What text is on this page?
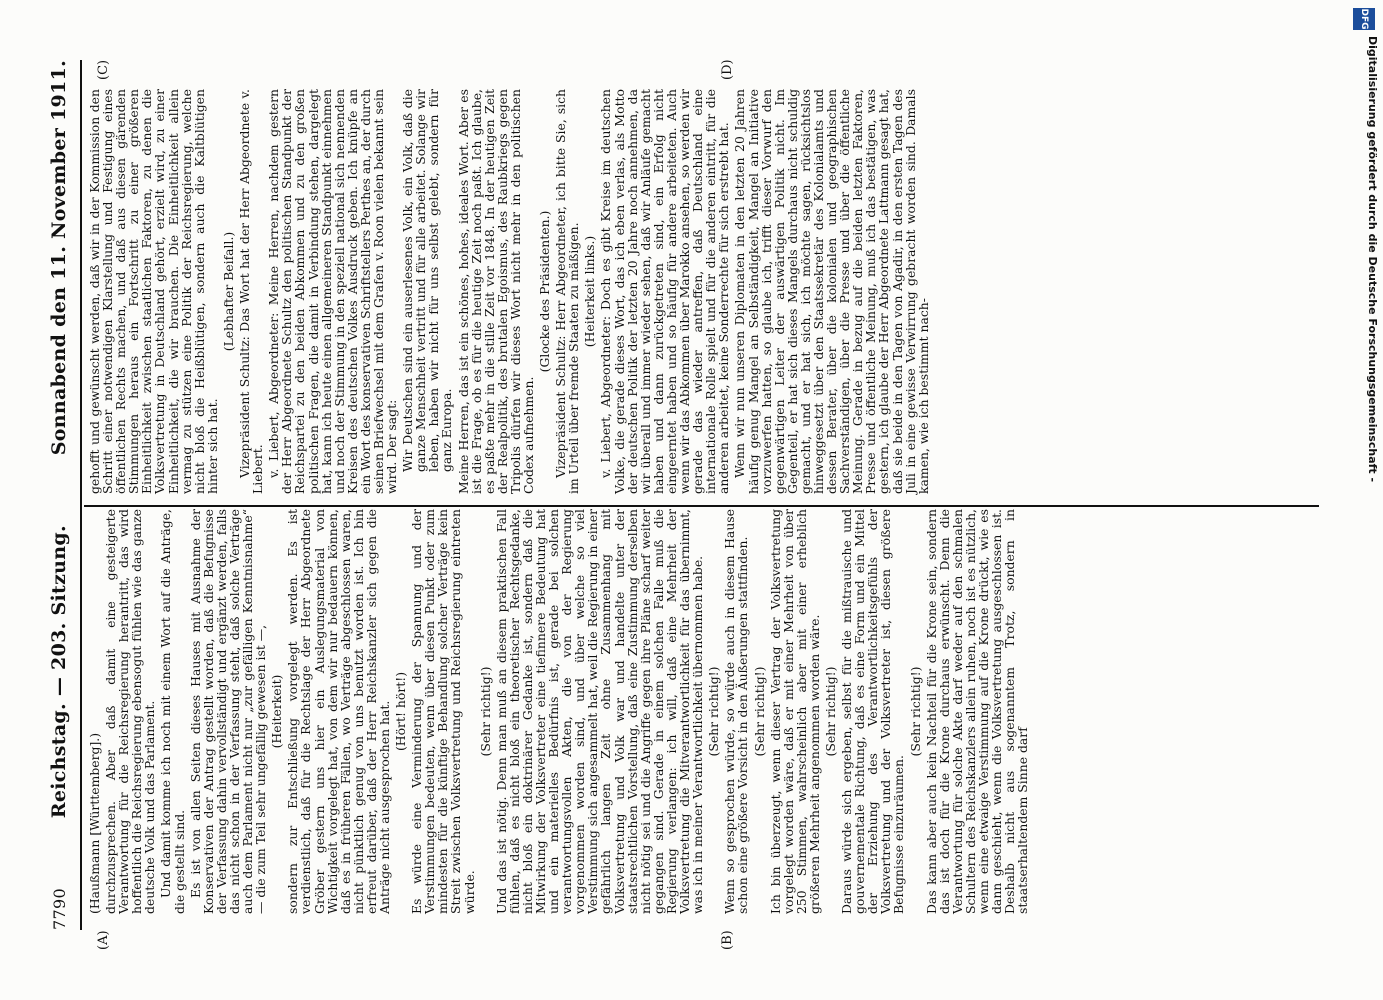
7790
Reichstag. — 203. Sitzung.
Sonnabend den 11. November 1911.
(A)	(B)
(C)	(D)

(Haußmann [Württemberg].) durchzusprechen. Aber daß damit eine gesteigerte Verantwortung für die Reichsregierung herantritt, das wird hoffentlich die Reichsregierung ebensogut fühlen wie das ganze deutsche Volk und das Parlament. Und damit komme ich noch mit einem Wort auf die Anträge, die gestellt sind. Es ist von allen Seiten dieses Hauses mit Ausnahme der Konservativen der Antrag gestellt worden, daß die Befugnisse der Verfassung dahin vervollständigt und ergänzt werden, falls das nicht schon in der Verfassung steht, daß solche Verträge auch dem Parlament nicht nur „zur gefälligen Kenntnisnahme“ — die zum Teil sehr ungefällig gewesen ist —, (Heiterkeit) sondern zur Entschließung vorgelegt werden. Es ist verdienstlich, daß für die Rechtslage der Herr Abgeordnete Gröber gestern uns hier ein Auslegungsmaterial von Wichtigkeit vorgelegt hat, von dem wir nur bedauern können, daß es in früheren Fällen, wo Verträge abgeschlossen waren, nicht pünktlich genug von uns benutzt worden ist. Ich bin erfreut darüber, daß der Herr Reichskanzler sich gegen die Anträge nicht ausgesprochen hat. (Hört! hört!) Es würde eine Verminderung der Spannung und der Verstimmungen bedeuten, wenn über diesen Punkt oder zum mindesten für die künftige Behandlung solcher Verträge kein Streit zwischen Volksvertretung und Reichsregierung eintreten würde.

(Sehr richtig!) Und das ist nötig. Denn man muß an diesem praktischen Fall fühlen, daß es nicht bloß ein theoretischer Rechtsgedanke, nicht bloß ein doktrinärer Gedanke ist, sondern daß die Mitwirkung der Volksvertreter eine tiefinnere Bedeutung hat und ein materielles Bedürfnis ist, gerade bei solchen verantwortungsvollen Akten, die von der Regierung vorgenommen worden sind, und über welche so viel Verstimmung sich angesammelt hat, weil die Regierung in einer gefährlich langen Zeit ohne Zusammenhang mit Volksvertretung und Volk war und handelte unter der staatsrechtlichen Vorstellung, daß eine Zustimmung derselben nicht nötig sei und die Angriffe gegen ihre Pläne scharf weiter gegangen sind. Gerade in einem solchen Falle muß die Regierung verlangen: ich will, daß eine Mehrheit der Volksvertretung die Mitverantwortlichkeit für das übernimmt, was ich in meiner Verantwortlichkeit übernommen habe. (Sehr richtig!) Wenn so gesprochen würde, so würde auch in diesem Hause schon eine größere Vorsicht in den Äußerungen stattfinden. (Sehr richtig!) Ich bin überzeugt, wenn dieser Vertrag der Volksvertretung vorgelegt worden wäre, daß er mit einer Mehrheit von über 250 Stimmen, wahrscheinlich aber mit einer erheblich größeren Mehrheit angenommen worden wäre. (Sehr richtig!) Daraus würde sich ergeben, selbst für die mißtrauische und gouvernementale Richtung, daß es eine Form und ein Mittel der Erziehung des Verantwortlichkeitsgefühls der Volksvertretung und der Volksvertreter ist, diesen größere Befugnisse einzuräumen.

(Sehr richtig!) Das kann aber auch kein Nachteil für die Krone sein, sondern das ist doch für die Krone durchaus erwünscht. Denn die Verantwortung für solche Akte darf weder auf den schmalen Schultern des Reichskanzlers allein ruhen, noch ist es nützlich, wenn eine etwaige Verstimmung auf die Krone drückt, wie es dann geschieht, wenn die Volksvertretung ausgeschlossen ist. Deshalb nicht aus sogenanntem Trotz, sondern in staatserhaltendem Sinne darf

gehofft und gewünscht werden, daß wir in der Kommission den Schritt einer notwendigen Klarstellung und Festigung eines öffentlichen Rechts machen, und daß aus diesen gärenden Stimmungen heraus ein Fortschritt zu einer größeren Einheitlichkeit zwischen staatlichen Faktoren, zu denen die Volksvertretung in Deutschland gehört, erzielt wird, zu einer Einheitlichkeit, die wir brauchen. Die Einheitlichkeit allein vermag zu stützen eine Politik der Reichsregierung, welche nicht bloß die Heißblütigen, sondern auch die Kaltblütigen hinter sich hat.

(Lebhafter Beifall.) Vizepräsident Schultz: Das Wort hat der Herr Abgeordnete v. Liebert. v. Liebert, Abgeordneter: Meine Herren, nachdem gestern der Herr Abgeordnete Schultz den politischen Standpunkt der Reichspartei zu den beiden Abkommen und zu den großen politischen Fragen, die damit in Verbindung stehen, dargelegt hat, kann ich heute einen allgemeineren Standpunkt einnehmen und noch der Stimmung in den speziell national sich nennenden Kreisen des deutschen Volkes Ausdruck geben. Ich knüpfe an ein Wort des konservativen Schriftstellers Perthes an, der durch seinen Briefwechsel mit dem Grafen v. Roon vielen bekannt sein wird. Der sagt: Wir Deutschen sind ein auserlesenes Volk, ein Volk, daß die ganze Menschheit vertritt und für alle arbeitet. Solange wir leben, haben wir nicht für uns selbst gelebt, sondern für ganz Europa. Meine Herren, das ist ein schönes, hohes, ideales Wort. Aber es ist die Frage, ob es für die heutige Zeit noch paßt. Ich glaube, es paßte mehr in die stille Zeit vor 1848. In der heutigen Zeit der Realpolitik, des brutalen Egoismus, des Raubkriegs gegen Tripolis dürfen wir dieses Wort nicht mehr in den politischen Codex aufnehmen.

(Glocke des Präsidenten.) Vizepräsident Schultz: Herr Abgeordneter, ich bitte Sie, sich im Urteil über fremde Staaten zu mäßigen. (Heiterkeit links.) v. Liebert, Abgeordneter: Doch es gibt Kreise im deutschen Volke, die gerade dieses Wort, das ich eben verlas, als Motto der deutschen Politik der letzten 20 Jahre noch annehmen, da wir überall und immer wieder sehen, daß wir Anläufe gemacht haben und dann zurückgetreten sind, ein Erfolg nicht eingeerntet haben und so häufig für andere arbeiteten. Auch wenn wir das Abkommen über Marokko ansehen, so werden wir gerade das wieder antreffen, daß Deutschland eine internationale Rolle spielt und für die anderen eintritt, für die anderen arbeitet, keine Sonderrechte für sich erstrebt hat. Wenn wir nun unseren Diplomaten in den letzten 20 Jahren häufig genug Mangel an Selbständigkeit, Mangel an Initiative vorzuwerfen hatten, so glaube ich, trifft dieser Vorwurf den gegenwärtigen Leiter der auswärtigen Politik nicht. Im Gegenteil, er hat sich dieses Mangels durchaus nicht schuldig gemacht, und er hat sich, ich möchte sagen, rücksichtslos hinweggesetzt über den Staatssekretär des Kolonialamts und dessen Berater, über die kolonialen und geographischen Sachverständigen, über die Presse und über die öffentliche Meinung. Gerade in bezug auf die beiden letzten Faktoren, Presse und öffentliche Meinung, muß ich das bestätigen, was gestern, ich glaube der Herr Abgeordnete Lattmann gesagt hat, daß sie beide in den Tagen von Agadir, in den ersten Tagen des Juli in eine gewisse Verwirrung gebracht worden sind. Damals kamen, wie ich bestimmt nach-

DFG
Digitalisierung gefördert durch die Deutsche Forschungsgemeinschaft -
